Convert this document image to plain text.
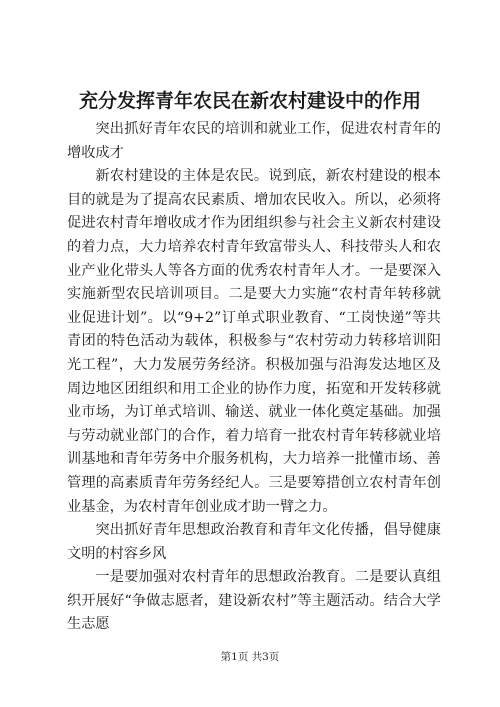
充分发挥青年农民在新农村建设中的作用

突出抓好青年农民的培训和就业工作，促进农村青年的增收成才

新农村建设的主体是农民。说到底，新农村建设的根本目的就是为了提高农民素质、增加农民收入。所以，必须将促进农村青年增收成才作为团组织参与社会主义新农村建设的着力点，大力培养农村青年致富带头人、科技带头人和农业产业化带头人等各方面的优秀农村青年人才。一是要深入实施新型农民培训项目。二是要大力实施“农村青年转移就业促进计划”。以“9+2”订单式职业教育、“工岗快递”等共青团的特色活动为载体，积极参与“农村劳动力转移培训阳光工程”，大力发展劳务经济。积极加强与沿海发达地区及周边地区团组织和用工企业的协作力度，拓宽和开发转移就业市场，为订单式培训、输送、就业一体化奠定基础。加强与劳动就业部门的合作，着力培育一批农村青年转移就业培训基地和青年劳务中介服务机构，大力培养一批懂市场、善管理的高素质青年劳务经纪人。三是要筹措创立农村青年创业基金，为农村青年创业成才助一臂之力。

突出抓好青年思想政治教育和青年文化传播，倡导健康文明的村容乡风

一是要加强对农村青年的思想政治教育。二是要认真组织开展好“争做志愿者，建设新农村”等主题活动。结合大学生志愿

第1页 共3页
